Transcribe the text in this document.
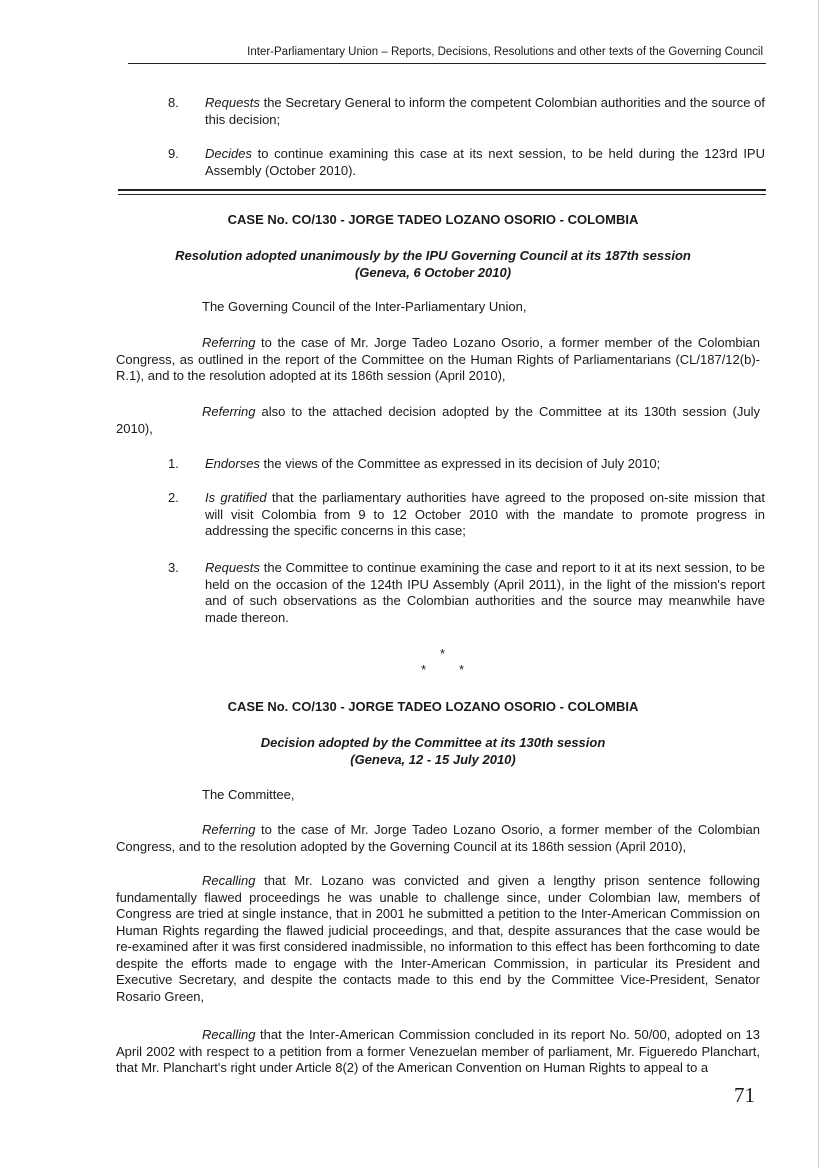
Inter-Parliamentary Union – Reports, Decisions, Resolutions and other texts of the Governing Council
8. Requests the Secretary General to inform the competent Colombian authorities and the source of this decision;
9. Decides to continue examining this case at its next session, to be held during the 123rd IPU Assembly (October 2010).
CASE No. CO/130 - JORGE TADEO LOZANO OSORIO - COLOMBIA
Resolution adopted unanimously by the IPU Governing Council at its 187th session
(Geneva, 6 October 2010)
The Governing Council of the Inter-Parliamentary Union,
Referring to the case of Mr. Jorge Tadeo Lozano Osorio, a former member of the Colombian Congress, as outlined in the report of the Committee on the Human Rights of Parliamentarians (CL/187/12(b)-R.1), and to the resolution adopted at its 186th session (April 2010),
Referring also to the attached decision adopted by the Committee at its 130th session (July 2010),
1. Endorses the views of the Committee as expressed in its decision of July 2010;
2. Is gratified that the parliamentary authorities have agreed to the proposed on-site mission that will visit Colombia from 9 to 12 October 2010 with the mandate to promote progress in addressing the specific concerns in this case;
3. Requests the Committee to continue examining the case and report to it at its next session, to be held on the occasion of the 124th IPU Assembly (April 2011), in the light of the mission's report and of such observations as the Colombian authorities and the source may meanwhile have made thereon.
*
*	*
CASE No. CO/130 - JORGE TADEO LOZANO OSORIO - COLOMBIA
Decision adopted by the Committee at its 130th session
(Geneva, 12 - 15 July 2010)
The Committee,
Referring to the case of Mr. Jorge Tadeo Lozano Osorio, a former member of the Colombian Congress, and to the resolution adopted by the Governing Council at its 186th session (April 2010),
Recalling that Mr. Lozano was convicted and given a lengthy prison sentence following fundamentally flawed proceedings he was unable to challenge since, under Colombian law, members of Congress are tried at single instance, that in 2001 he submitted a petition to the Inter-American Commission on Human Rights regarding the flawed judicial proceedings, and that, despite assurances that the case would be re-examined after it was first considered inadmissible, no information to this effect has been forthcoming to date despite the efforts made to engage with the Inter-American Commission, in particular its President and Executive Secretary, and despite the contacts made to this end by the Committee Vice-President, Senator Rosario Green,
Recalling that the Inter-American Commission concluded in its report No. 50/00, adopted on 13 April 2002 with respect to a petition from a former Venezuelan member of parliament, Mr. Figueredo Planchart, that Mr. Planchart's right under Article 8(2) of the American Convention on Human Rights to appeal to a
71
